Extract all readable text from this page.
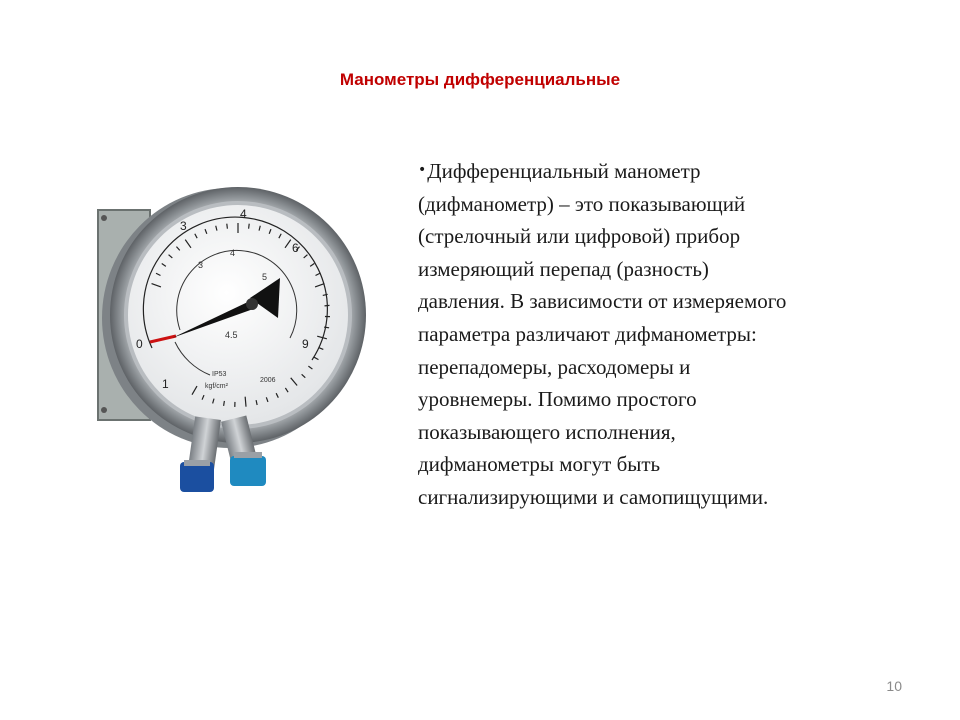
Манометры дифференциальные
0
1
3
4
6
9
3
4
4.5
5
IP53
kgf/cm²
2006
•Дифференциальный манометр
(дифманометр) – это показывающий
(стрелочный или цифровой) прибор
измеряющий перепад (разность)
давления. В зависимости от измеряемого
параметра различают дифманометры:
перепадомеры, расходомеры и
уровнемеры. Помимо простого
показывающего исполнения,
дифманометры могут быть
сигнализирующими и самопищущими.
10
